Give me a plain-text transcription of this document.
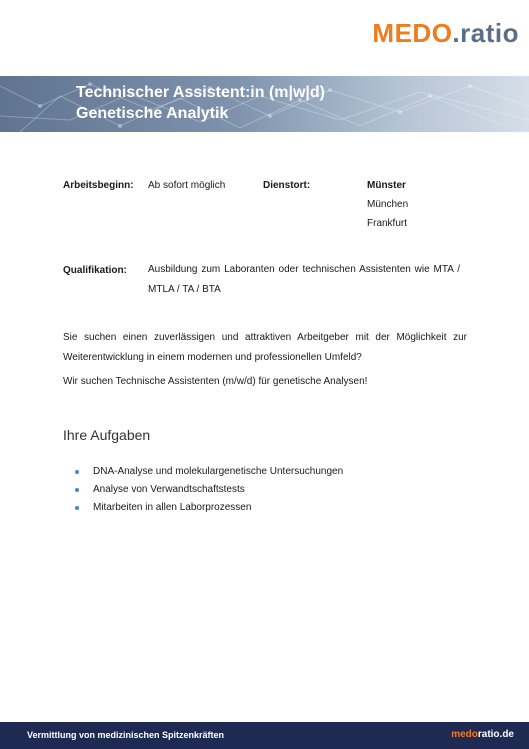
MEDO.ratio
Technischer Assistent:in (m|w|d)
Genetische Analytik
Arbeitsbeginn: Ab sofort möglich	Dienstort:	Münster
München
Frankfurt
Qualifikation: Ausbildung zum Laboranten oder technischen Assistenten wie MTA / MTLA / TA / BTA
Sie suchen einen zuverlässigen und attraktiven Arbeitgeber mit der Möglichkeit zur Weiterentwicklung in einem modernen und professionellen Umfeld?
Wir suchen Technische Assistenten (m/w/d) für genetische Analysen!
Ihre Aufgaben
DNA-Analyse und molekulargenetische Untersuchungen
Analyse von Verwandtschaftstests
Mitarbeiten in allen Laborprozessen
Vermittlung von medizinischen Spitzenkräften	medoratio.de
